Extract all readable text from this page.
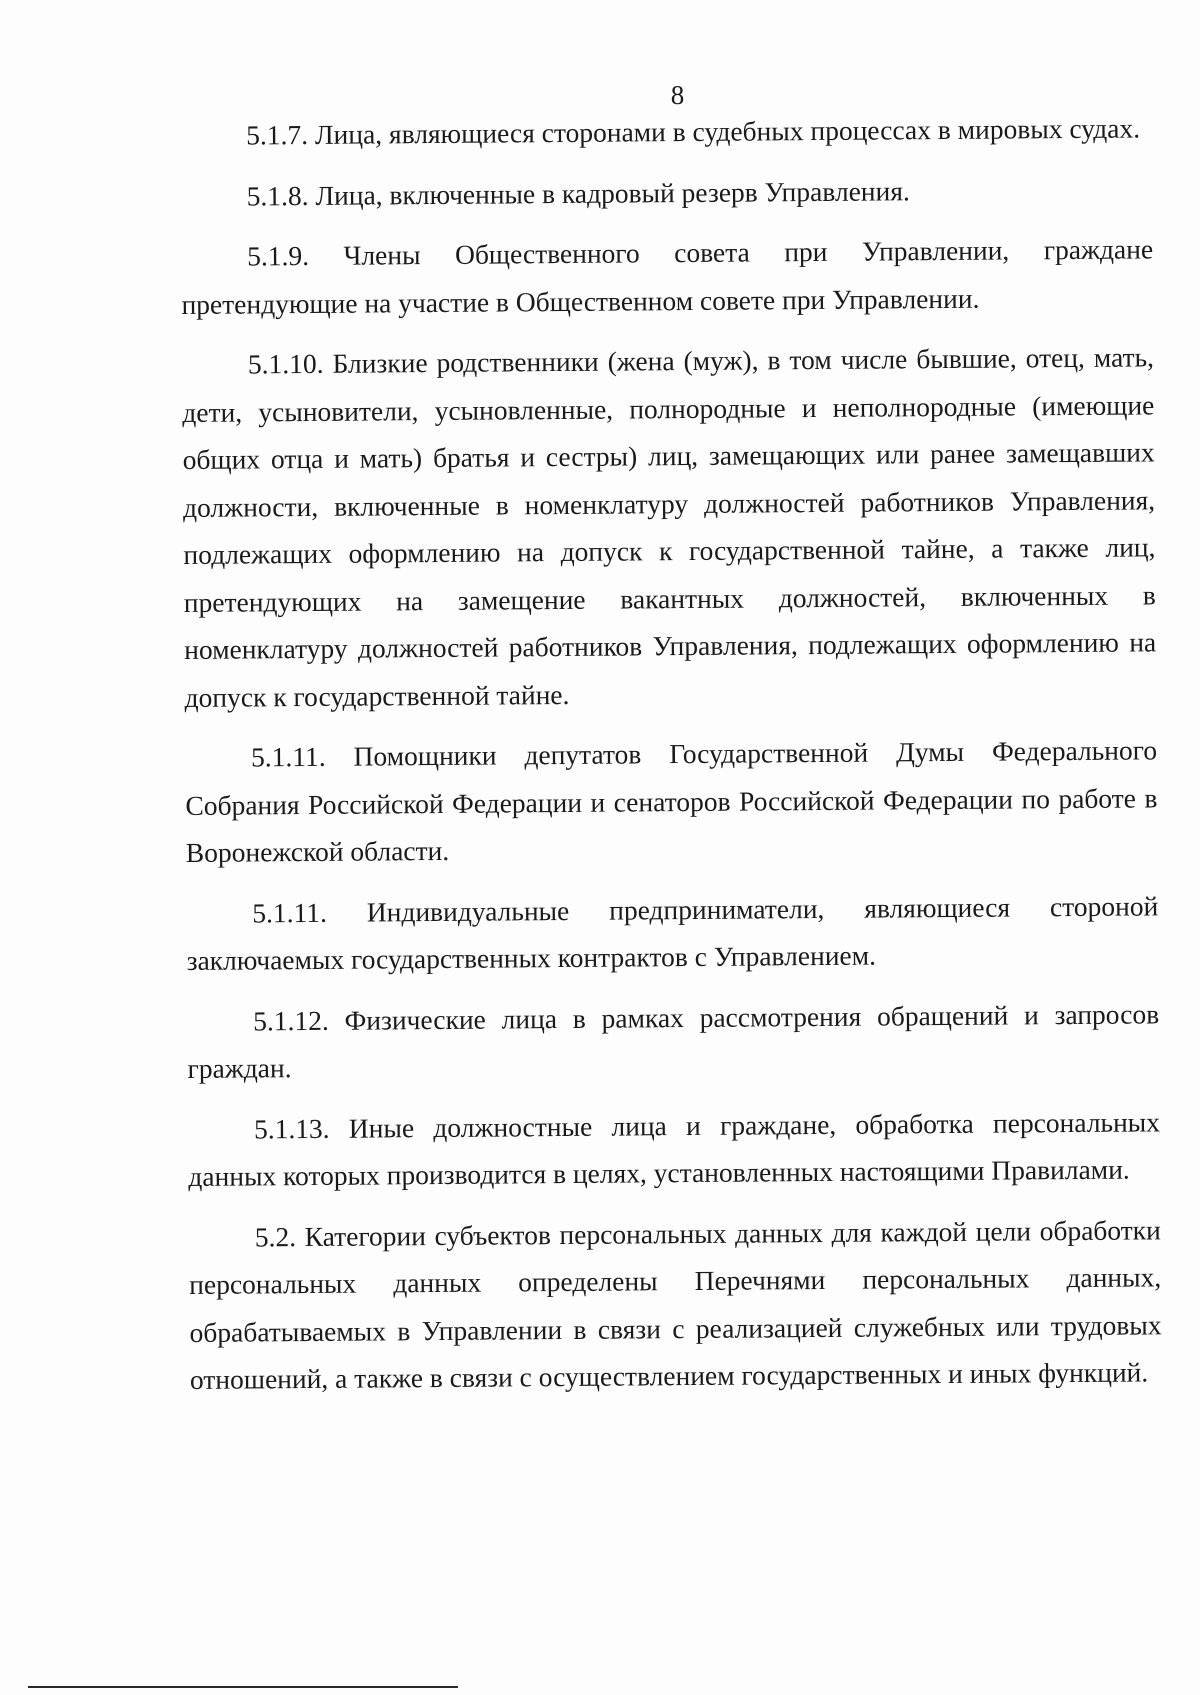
8

5.1.7. Лица, являющиеся сторонами в судебных процессах в мировых судах.

5.1.8. Лица, включенные в кадровый резерв Управления.

5.1.9. Члены Общественного совета при Управлении, граждане претендующие на участие в Общественном совете при Управлении.

5.1.10. Близкие родственники (жена (муж), в том числе бывшие, отец, мать, дети, усыновители, усыновленные, полнородные и неполнородные (имеющие общих отца и мать) братья и сестры) лиц, замещающих или ранее замещавших должности, включенные в номенклатуру должностей работников Управления, подлежащих оформлению на допуск к государственной тайне, а также лиц, претендующих на замещение вакантных должностей, включенных в номенклатуру должностей работников Управления, подлежащих оформлению на допуск к государственной тайне.

5.1.11. Помощники депутатов Государственной Думы Федерального Собрания Российской Федерации и сенаторов Российской Федерации по работе в Воронежской области.

5.1.11. Индивидуальные предприниматели, являющиеся стороной заключаемых государственных контрактов с Управлением.

5.1.12. Физические лица в рамках рассмотрения обращений и запросов граждан.

5.1.13. Иные должностные лица и граждане, обработка персональных данных которых производится в целях, установленных настоящими Правилами.

5.2. Категории субъектов персональных данных для каждой цели обработки персональных данных определены Перечнями персональных данных, обрабатываемых в Управлении в связи с реализацией служебных или трудовых отношений, а также в связи с осуществлением государственных и иных функций.
